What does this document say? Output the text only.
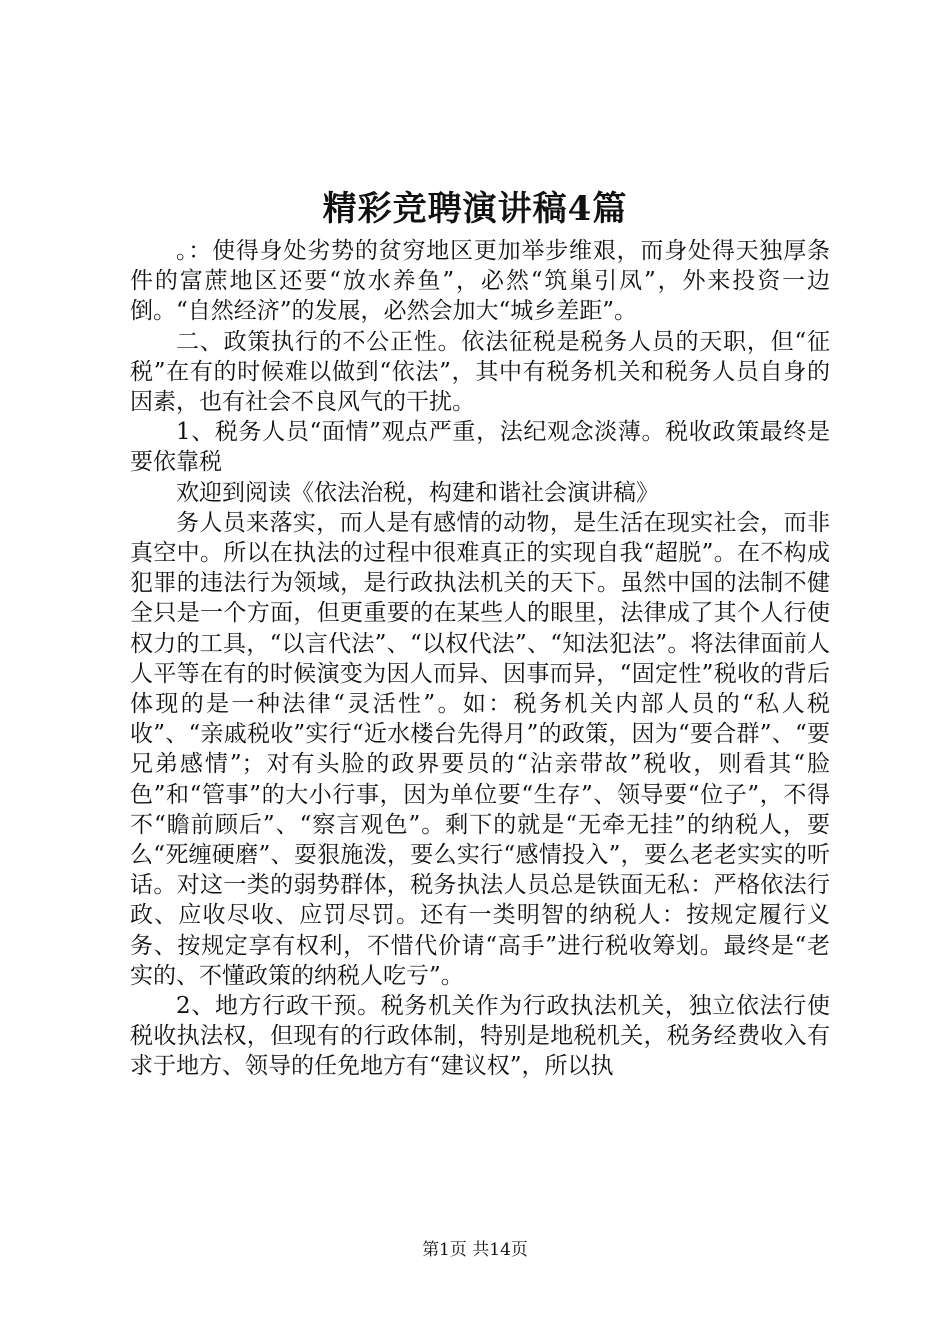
精彩竞聘演讲稿4篇

。：使得身处劣势的贫穷地区更加举步维艰，而身处得天独厚条件的富蔗地区还要“放水养鱼”，必然“筑巢引凤”，外来投资一边倒。“自然经济”的发展，必然会加大“城乡差距”。

二、政策执行的不公正性。依法征税是税务人员的天职，但“征税”在有的时候难以做到“依法”，其中有税务机关和税务人员自身的因素，也有社会不良风气的干扰。

1、税务人员“面情”观点严重，法纪观念淡薄。税收政策最终是要依靠税

欢迎到阅读《依法治税，构建和谐社会演讲稿》

务人员来落实，而人是有感情的动物，是生活在现实社会，而非真空中。所以在执法的过程中很难真正的实现自我“超脱”。在不构成犯罪的违法行为领域，是行政执法机关的天下。虽然中国的法制不健全只是一个方面，但更重要的在某些人的眼里，法律成了其个人行使权力的工具，“以言代法”、“以权代法”、“知法犯法”。将法律面前人人平等在有的时候演变为因人而异、因事而异，“固定性”税收的背后体现的是一种法律“灵活性”。如：税务机关内部人员的“私人税收”、“亲戚税收”实行“近水楼台先得月”的政策，因为“要合群”、“要兄弟感情”；对有头脸的政界要员的“沾亲带故”税收，则看其“脸色”和“管事”的大小行事，因为单位要“生存”、领导要“位子”，不得不“瞻前顾后”、“察言观色”。剩下的就是“无牵无挂”的纳税人，要么“死缠硬磨”、耍狠施泼，要么实行“感情投入”，要么老老实实的听话。对这一类的弱势群体，税务执法人员总是铁面无私：严格依法行政、应收尽收、应罚尽罚。还有一类明智的纳税人：按规定履行义务、按规定享有权利，不惜代价请“高手”进行税收筹划。最终是“老实的、不懂政策的纳税人吃亏”。

2、地方行政干预。税务机关作为行政执法机关，独立依法行使税收执法权，但现有的行政体制，特别是地税机关，税务经费收入有求于地方、领导的任免地方有“建议权”，所以执

第1页 共14页
